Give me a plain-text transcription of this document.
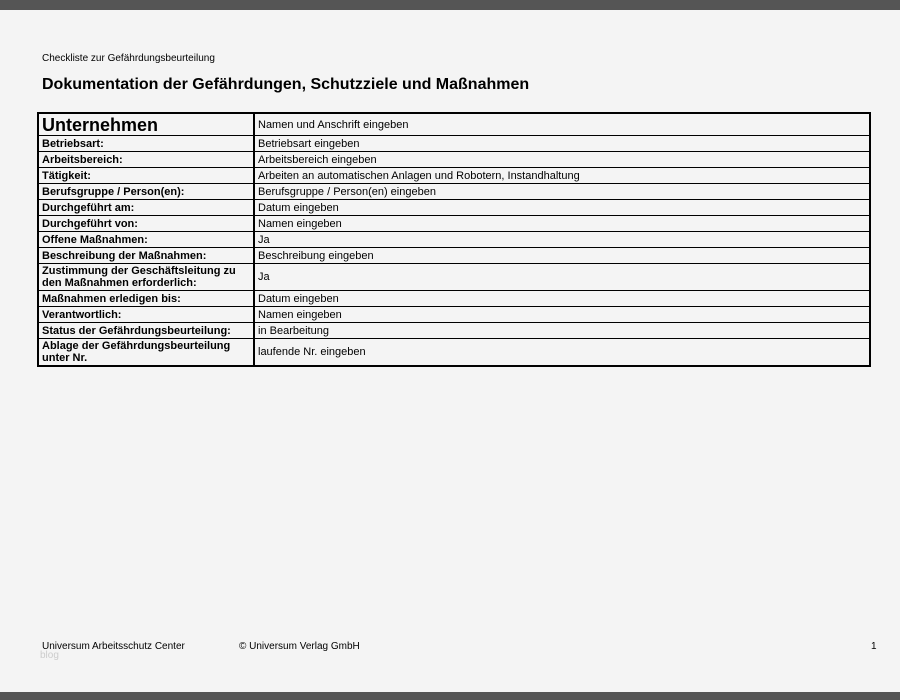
Checkliste zur Gefährdungsbeurteilung
Dokumentation der Gefährdungen, Schutzziele und Maßnahmen
Unternehmen	Namen und Anschrift eingeben
Betriebsart:	Betriebsart eingeben
Arbeitsbereich:	Arbeitsbereich eingeben
Tätigkeit:	Arbeiten an automatischen Anlagen und Robotern, Instandhaltung
Berufsgruppe / Person(en):	Berufsgruppe / Person(en) eingeben
Durchgeführt am:	Datum eingeben
Durchgeführt von:	Namen eingeben
Offene Maßnahmen:	Ja
Beschreibung der Maßnahmen:	Beschreibung eingeben
Zustimmung der Geschäftsleitung zu den Maßnahmen erforderlich:	Ja
Maßnahmen erledigen bis:	Datum eingeben
Verantwortlich:	Namen eingeben
Status der Gefährdungsbeurteilung:	in Bearbeitung
Ablage der Gefährdungsbeurteilung unter Nr.	laufende Nr. eingeben
Universum Arbeitsschutz Center	© Universum Verlag GmbH	1
blog
